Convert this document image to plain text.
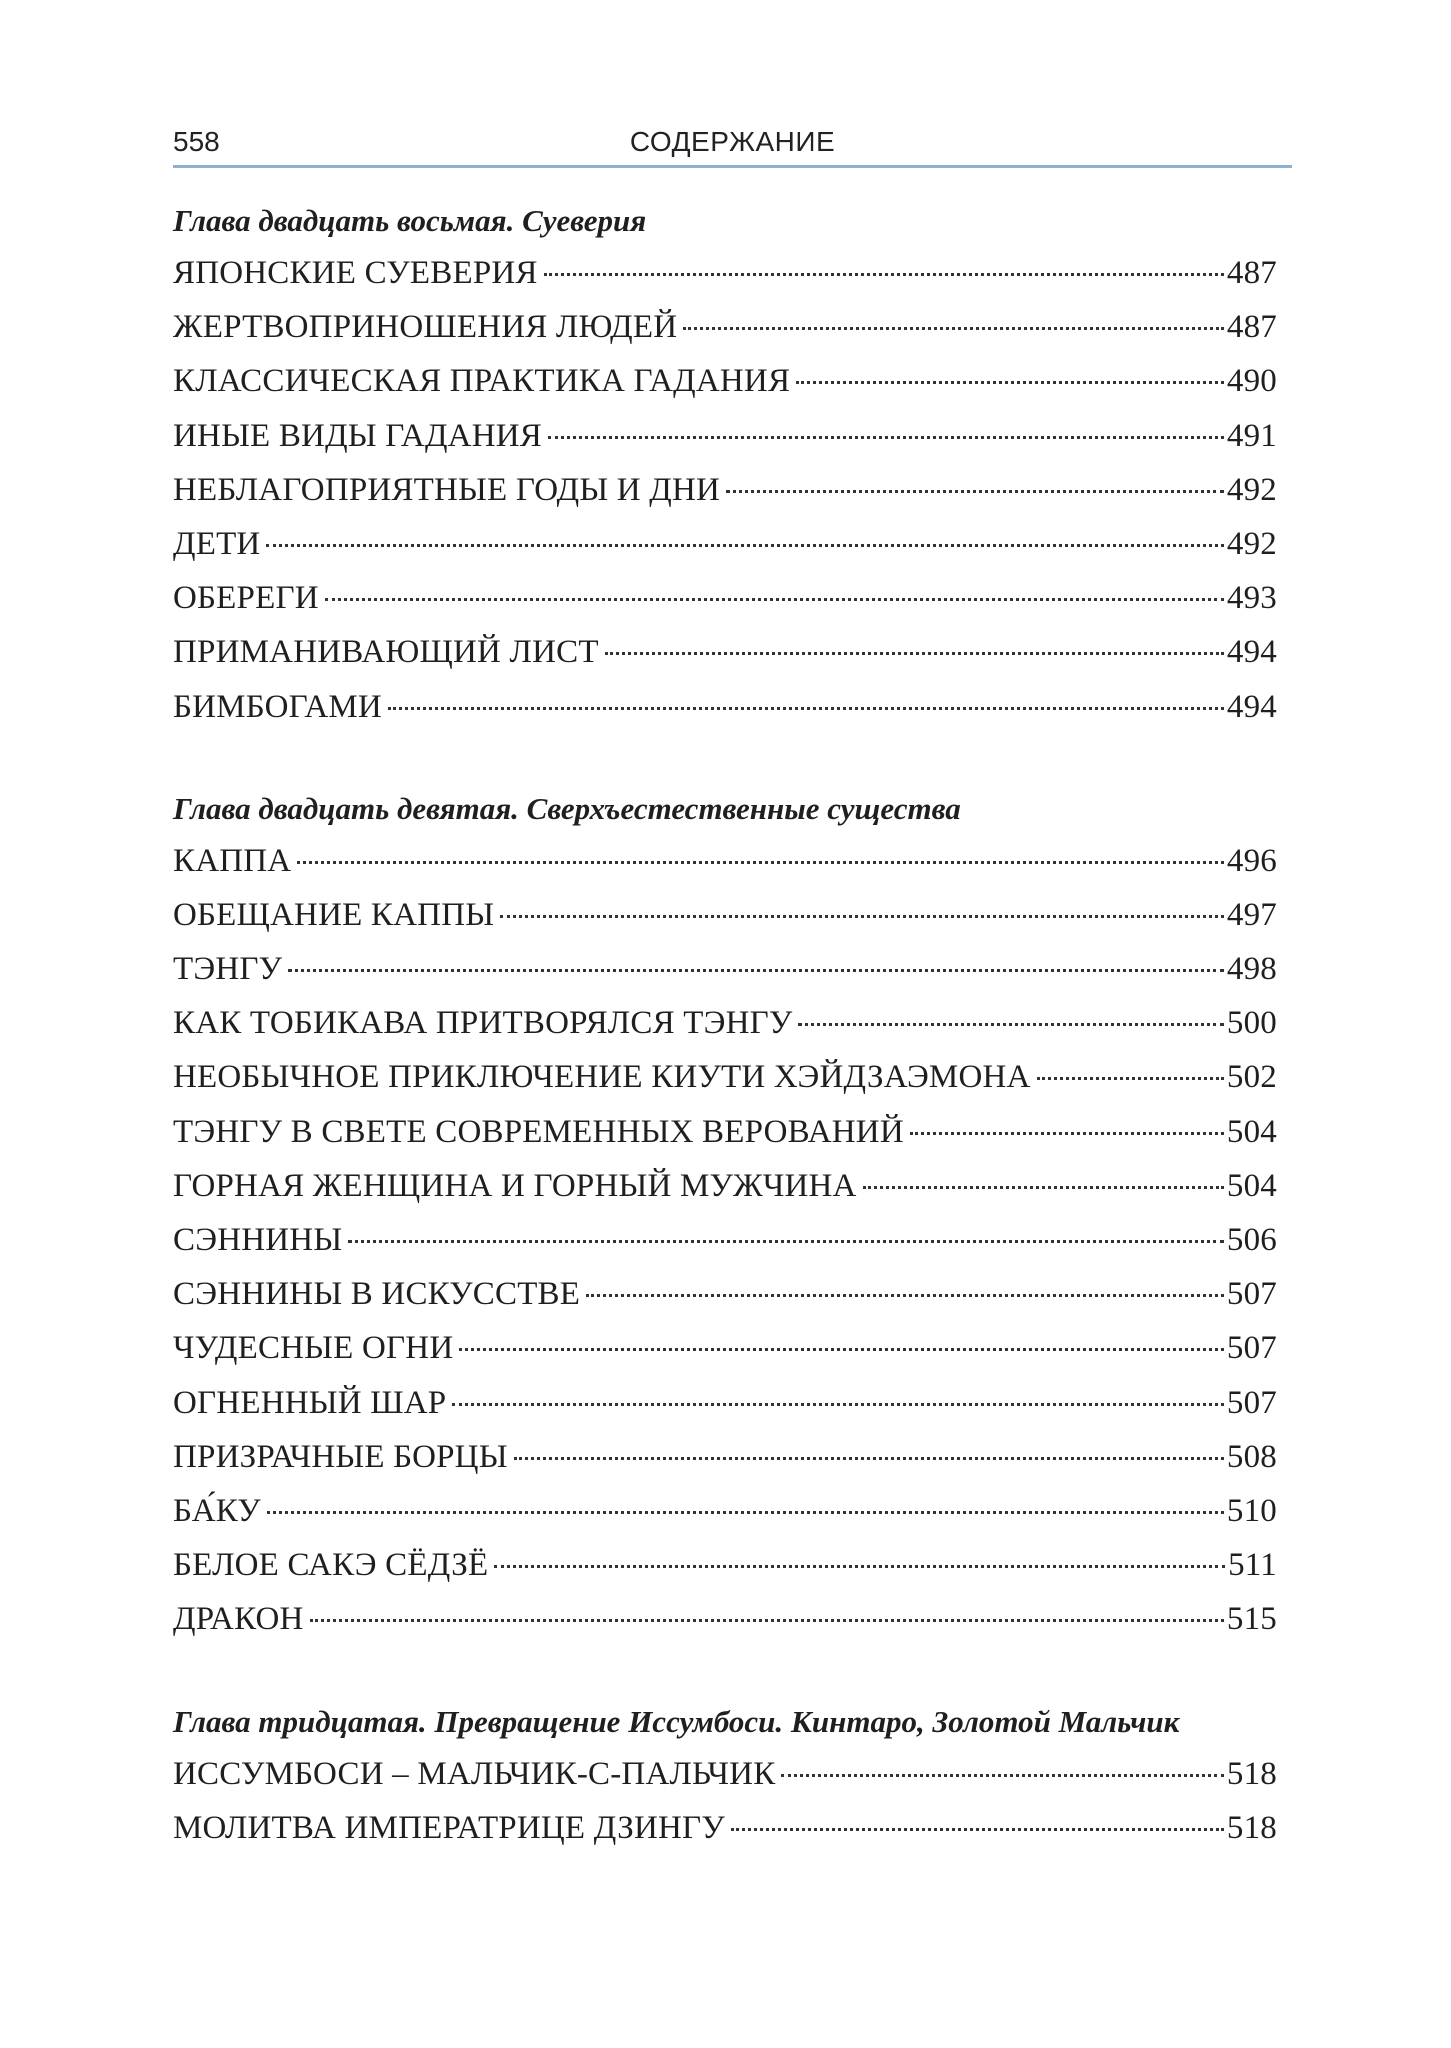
558	СОДЕРЖАНИЕ
Глава двадцать восьмая. Суеверия
ЯПОНСКИЕ СУЕВЕРИЯ	487
ЖЕРТВОПРИНОШЕНИЯ ЛЮДЕЙ	487
КЛАССИЧЕСКАЯ ПРАКТИКА ГАДАНИЯ	490
ИНЫЕ ВИДЫ ГАДАНИЯ	491
НЕБЛАГОПРИЯТНЫЕ ГОДЫ И ДНИ	492
ДЕТИ	492
ОБЕРЕГИ	493
ПРИМАНИВАЮЩИЙ ЛИСТ	494
БИМБОГАМИ	494
Глава двадцать девятая. Сверхъестественные существа
КАППА	496
ОБЕЩАНИЕ КАППЫ	497
ТЭНГУ	498
КАК ТОБИКАВА ПРИТВОРЯЛСЯ ТЭНГУ	500
НЕОБЫЧНОЕ ПРИКЛЮЧЕНИЕ КИУТИ ХЭЙДЗАЭМОНА	502
ТЭНГУ В СВЕТЕ СОВРЕМЕННЫХ ВЕРОВАНИЙ	504
ГОРНАЯ ЖЕНЩИНА И ГОРНЫЙ МУЖЧИНА	504
СЭННИНЫ	506
СЭННИНЫ В ИСКУССТВЕ	507
ЧУДЕСНЫЕ ОГНИ	507
ОГНЕННЫЙ ШАР	507
ПРИЗРАЧНЫЕ БОРЦЫ	508
БА́КУ	510
БЕЛОЕ САКЭ СЁДЗЁ	511
ДРАКОН	515
Глава тридцатая. Превращение Иссумбоси. Кинтаро, Золотой Мальчик
ИССУМБОСИ – МАЛЬЧИК-С-ПАЛЬЧИК	518
МОЛИТВА ИМПЕРАТРИЦЕ ДЗИНГУ	518
